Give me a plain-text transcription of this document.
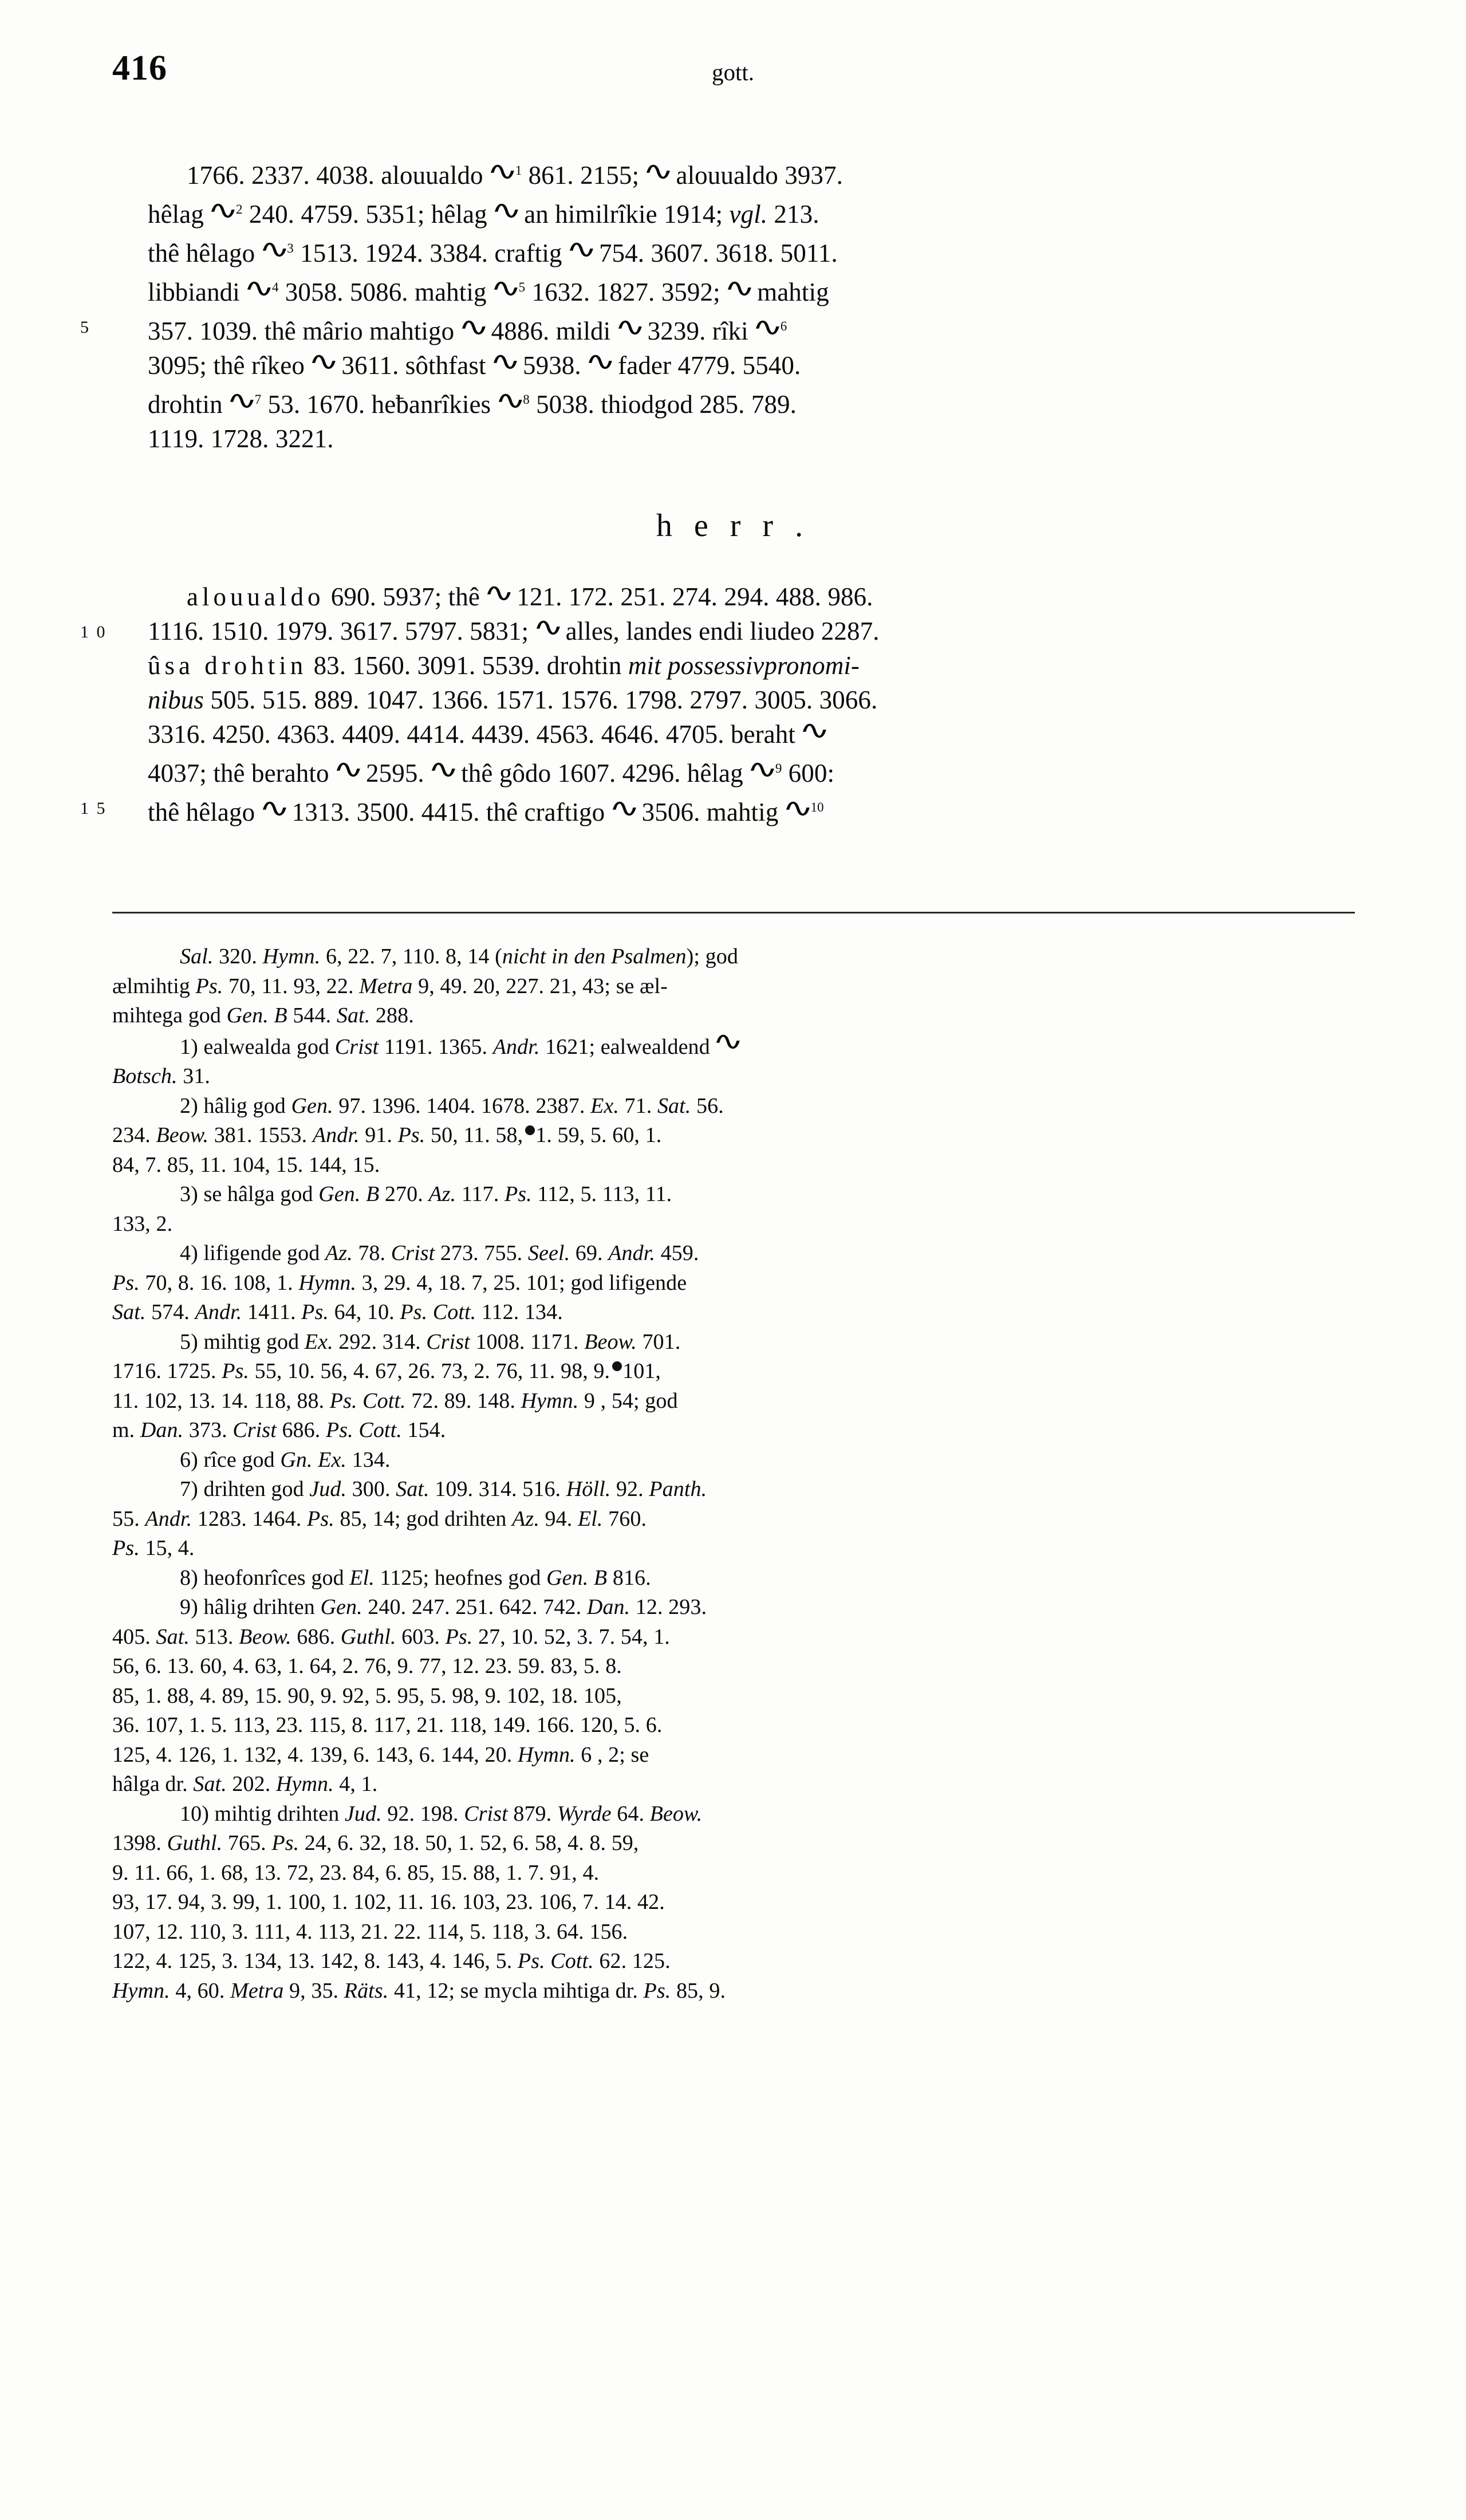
416	gott.
1766. 2337. 4038. alouualdo ∿$^1$ 861. 2155; ∿ alouualdo 3937.
hêlag ∿$^2$ 240. 4759. 5351; hêlag ∿ an himilrîkie 1914; vgl. 213.
thê hêlago ∿$^3$ 1513. 1924. 3384. craftig ∿ 754. 3607. 3618. 5011.
libbiandi ∿$^4$ 3058. 5086. mahtig ∿$^5$ 1632. 1827. 3592; ∿ mahtig
5 357. 1039. thê mârio mahtigo ∿ 4886. mildi ∿ 3239. rîki ∿$^6$
3095; thê rîkeo ∿ 3611. sôthfast ∿ 5938. ∿ fader 4779. 5540.
drohtin ∿$^7$ 53. 1670. heƀanrîkies ∿$^8$ 5038. thiodgod 285. 789.
1119. 1728. 3221.
h e r r .
alouualdo 690. 5937; thê ∿ 121. 172. 251. 274. 294. 488. 986.
1 0 1116. 1510. 1979. 3617. 5797. 5831; ∿ alles, landes endi liudeo 2287.
ûsa drohtin 83. 1560. 3091. 5539. drohtin mit possessivpronomi-
nibus 505. 515. 889. 1047. 1366. 1571. 1576. 1798. 2797. 3005. 3066.
3316. 4250. 4363. 4409. 4414. 4439. 4563. 4646. 4705. beraht ∿
4037; thê berahto ∿ 2595. ∿ thê gôdo 1607. 4296. hêlag ∿$^9$ 600:
1 5 thê hêlago ∿ 1313. 3500. 4415. thê craftigo ∿ 3506. mahtig ∿$^{10}$
Sal. 320. Hymn. 6, 22. 7, 110. 8, 14 (nicht in den Psalmen); god
ælmihtig Ps. 70, 11. 93, 22. Metra 9, 49. 20, 227. 21, 43; se æl-
mihtega god Gen. B 544. Sat. 288.
1) ealwealda god Crist 1191. 1365. Andr. 1621; ealwealdend ∿
Botsch. 31.
2) hâlig god Gen. 97. 1396. 1404. 1678. 2387. Ex. 71. Sat. 56.
234. Beow. 381. 1553. Andr. 91. Ps. 50, 11. 58, 1. 59, 5. 60, 1.
84, 7. 85, 11. 104, 15. 144, 15.
3) se hâlga god Gen. B 270. Az. 117. Ps. 112, 5. 113, 11.
133, 2.
4) lifigende god Az. 78. Crist 273. 755. Seel. 69. Andr. 459.
Ps. 70, 8. 16. 108, 1. Hymn. 3, 29. 4, 18. 7, 25. 101; god lifigende
Sat. 574. Andr. 1411. Ps. 64, 10. Ps. Cott. 112. 134.
5) mihtig god Ex. 292. 314. Crist 1008. 1171. Beow. 701.
1716. 1725. Ps. 55, 10. 56, 4. 67, 26. 73, 2. 76, 11. 98, 9. 101,
11. 102, 13. 14. 118, 88. Ps. Cott. 72. 89. 148. Hymn. 9 , 54; god
m. Dan. 373. Crist 686. Ps. Cott. 154.
6) rîce god Gn. Ex. 134.
7) drihten god Jud. 300. Sat. 109. 314. 516. Höll. 92. Panth.
55. Andr. 1283. 1464. Ps. 85, 14; god drihten Az. 94. El. 760.
Ps. 15, 4.
8) heofonrîces god El. 1125; heofnes god Gen. B 816.
9) hâlig drihten Gen. 240. 247. 251. 642. 742. Dan. 12. 293.
405. Sat. 513. Beow. 686. Guthl. 603. Ps. 27, 10. 52, 3. 7. 54, 1.
56, 6. 13. 60, 4. 63, 1. 64, 2. 76, 9. 77, 12. 23. 59. 83, 5. 8.
85, 1. 88, 4. 89, 15. 90, 9. 92, 5. 95, 5. 98, 9. 102, 18. 105,
36. 107, 1. 5. 113, 23. 115, 8. 117, 21. 118, 149. 166. 120, 5. 6.
125, 4. 126, 1. 132, 4. 139, 6. 143, 6. 144, 20. Hymn. 6 , 2; se
hâlga dr. Sat. 202. Hymn. 4, 1.
10) mihtig drihten Jud. 92. 198. Crist 879. Wyrde 64. Beow.
1398. Guthl. 765. Ps. 24, 6. 32, 18. 50, 1. 52, 6. 58, 4. 8. 59,
9. 11. 66, 1. 68, 13. 72, 23. 84, 6. 85, 15. 88, 1. 7. 91, 4.
93, 17. 94, 3. 99, 1. 100, 1. 102, 11. 16. 103, 23. 106, 7. 14. 42.
107, 12. 110, 3. 111, 4. 113, 21. 22. 114, 5. 118, 3. 64. 156.
122, 4. 125, 3. 134, 13. 142, 8. 143, 4. 146, 5. Ps. Cott. 62. 125.
Hymn. 4, 60. Metra 9, 35. Räts. 41, 12; se mycla mihtiga dr. Ps. 85, 9.
